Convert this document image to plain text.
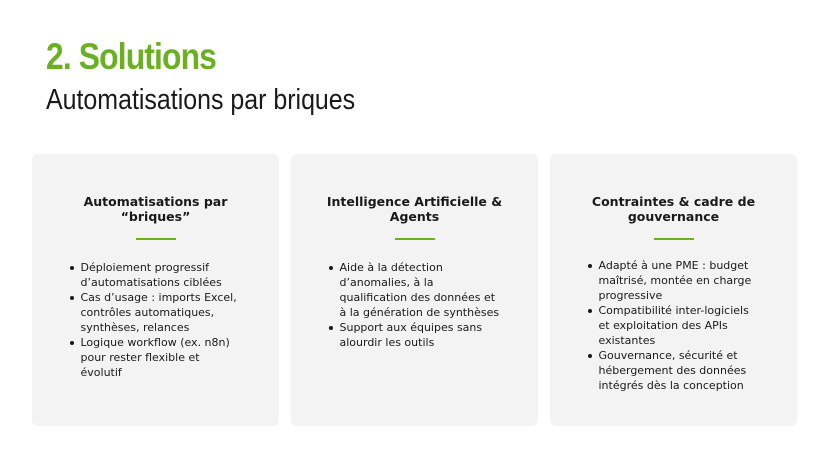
2. Solutions
Automatisations par briques
Automatisations par
“briques”
Déploiement progressif d’automatisations ciblées
Cas d’usage : imports Excel, contrôles automatiques, synthèses, relances
Logique workflow (ex. n8n) pour rester flexible et évolutif
Intelligence Artificielle &
Agents
Aide à la détection d’anomalies, à la qualification des données et à la génération de synthèses
Support aux équipes sans alourdir les outils
Contraintes & cadre de
gouvernance
Adapté à une PME : budget maîtrisé, montée en charge progressive
Compatibilité inter-logiciels et exploitation des APIs existantes
Gouvernance, sécurité et hébergement des données intégrés dès la conception
